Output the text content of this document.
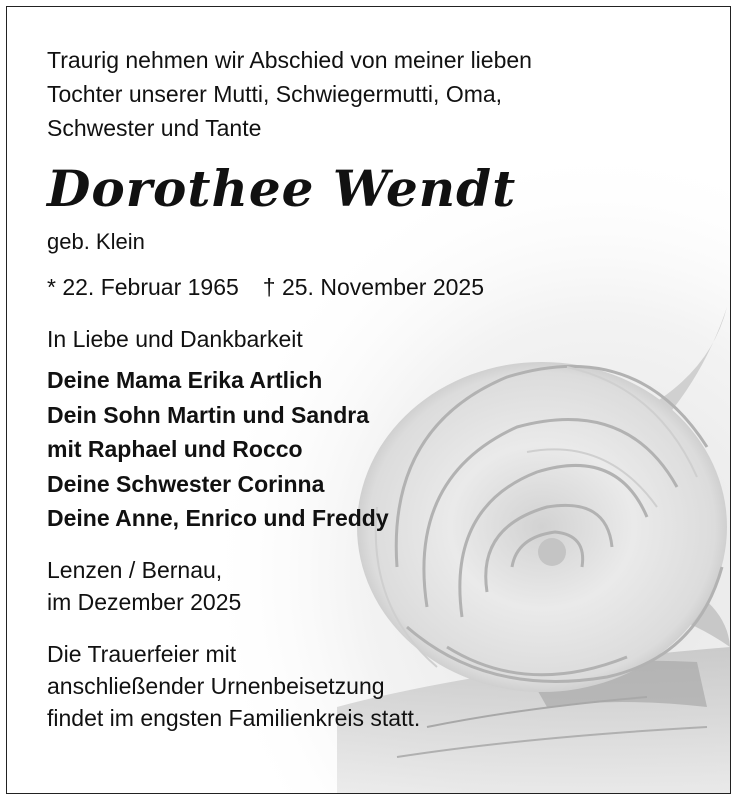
Traurig nehmen wir Abschied von meiner lieben

Tochter unserer Mutti, Schwiegermutti, Oma,

Schwester und Tante

Dorothee Wendt

geb. Klein

* 22. Februar 1965 † 25. November 2025

In Liebe und Dankbarkeit

Deine Mama Erika Artlich

Dein Sohn Martin und Sandra

mit Raphael und Rocco

Deine Schwester Corinna

Deine Anne, Enrico und Freddy

Lenzen / Bernau,

im Dezember 2025

Die Trauerfeier mit

anschließender Urnenbeisetzung

findet im engsten Familienkreis statt.
